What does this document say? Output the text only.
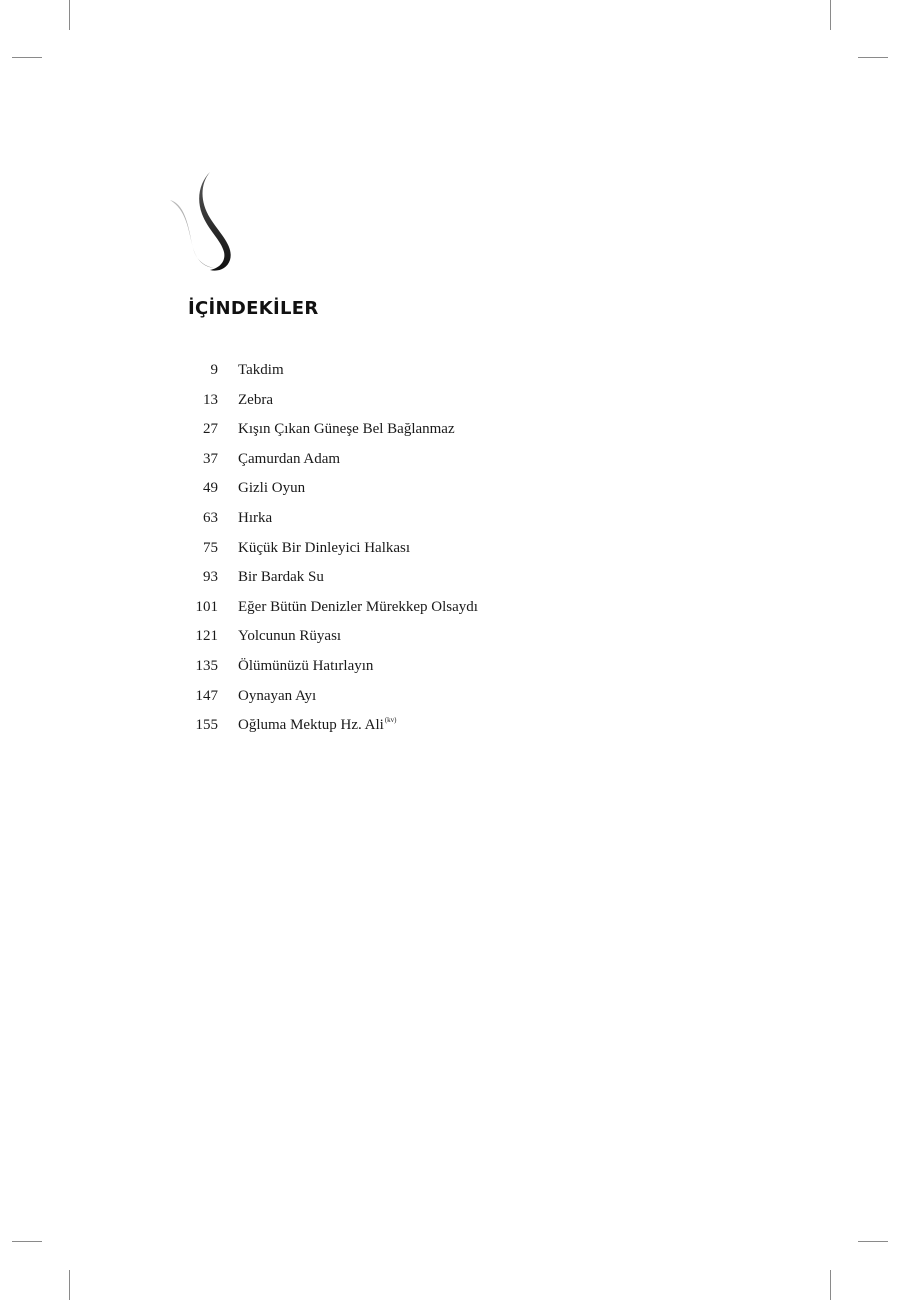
İÇİNDEKİLER
9 Takdim
13 Zebra
27 Kışın Çıkan Güneşe Bel Bağlanmaz
37 Çamurdan Adam
49 Gizli Oyun
63 Hırka
75 Küçük Bir Dinleyici Halkası
93 Bir Bardak Su
101 Eğer Bütün Denizler Mürekkep Olsaydı
121 Yolcunun Rüyası
135 Ölümünüzü Hatırlayın
147 Oynayan Ayı
155 Oğluma Mektup Hz. Ali$^{(kv)}$
